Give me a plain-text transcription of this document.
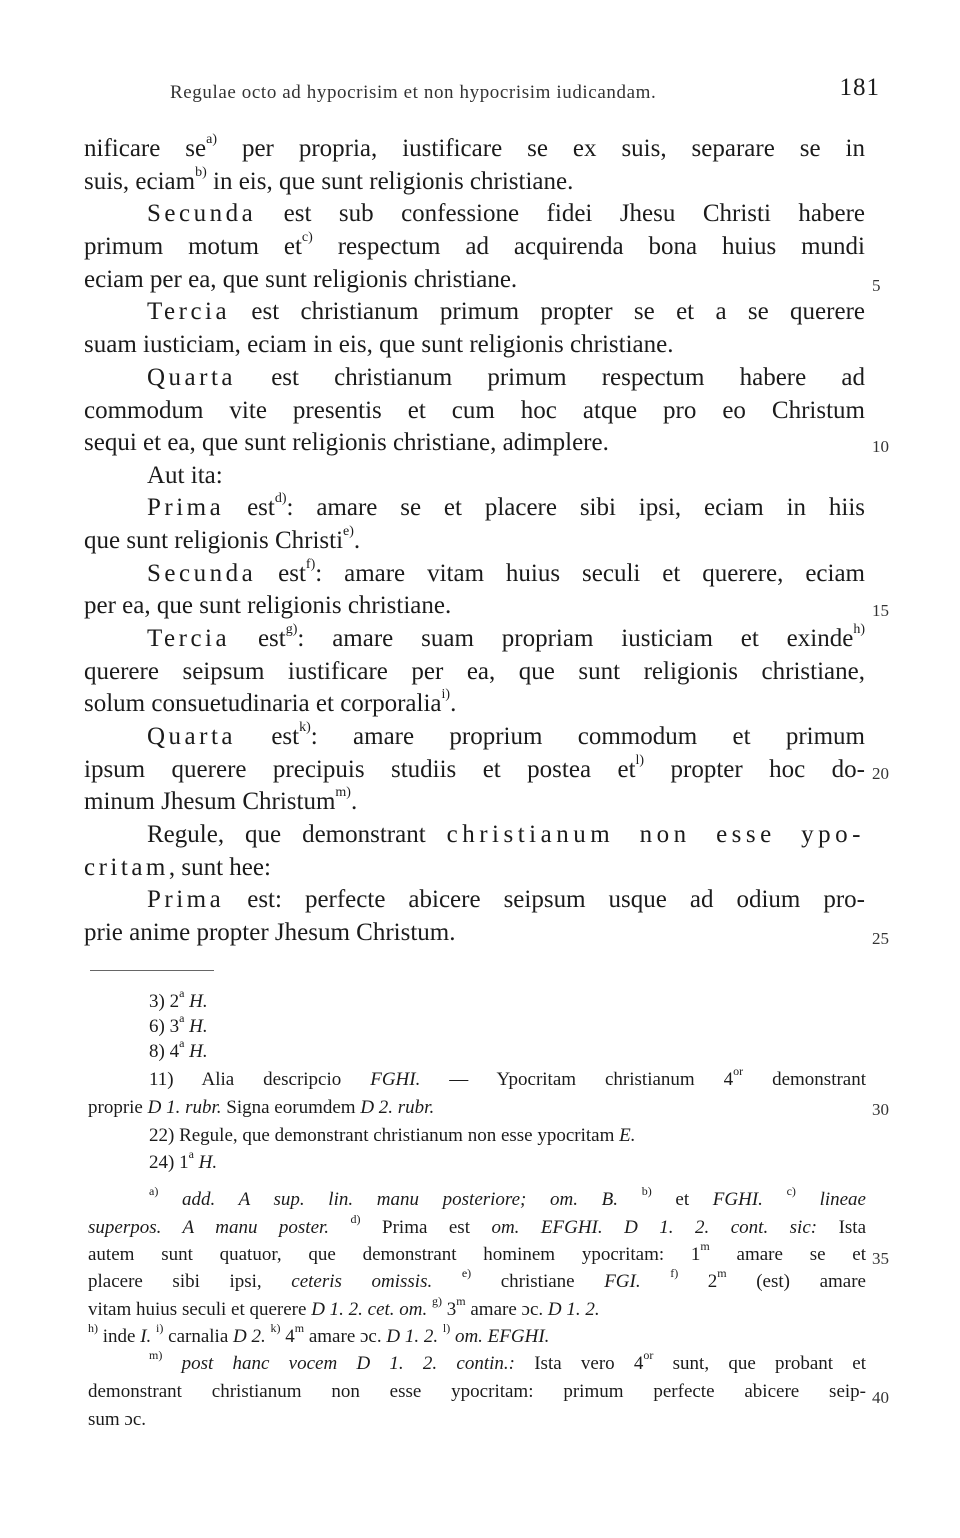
Regulae octo ad hypocrisim et non hypocrisim iudicandam.	181
nificare $se^{a)}$ per propria, iustificare se ex suis, separare se in
suis, eciam$^{b)}$ in eis, que sunt religionis christiane.
Secunda est sub confessione fidei Jhesu Christi habere
primum motum $et^{c)}$ respectum ad acquirenda bona huius mundi
eciam per ea, que sunt religionis christiane.
Tercia est christianum primum propter se et a se querere
suam iusticiam, eciam in eis, que sunt religionis christiane.
Quarta est christianum primum respectum habere ad
commodum vite presentis et cum hoc atque pro eo Christum
sequi et ea, que sunt religionis christiane, adimplere.
Aut ita:
Prima est$^{d)}$: amare se et placere sibi ipsi, eciam in hiis
que sunt religionis Christi$^{e)}$.
Secunda est$^{f)}$: amare vitam huius seculi et querere, eciam
per ea, que sunt religionis christiane.
Tercia est$^{g)}$: amare suam propriam iusticiam et exinde$^{h)}$
querere seipsum iustificare per ea, que sunt religionis christiane,
solum consuetudinaria et corporalia$^{i)}$.
Quarta est$^{k)}$: amare proprium commodum et primum
ipsum querere precipuis studiis et postea $et^{l)}$ propter hoc do-
minum Jhesum Christum$^{m)}$.
Regule, que demonstrant christianum non esse ypo-
critam, sunt hee:
Prima est: perfecte abicere seipsum usque ad odium pro-
prie anime propter Jhesum Christum.
5
10
15
20
25
30
35
40
3) 2$^a$ H.
6) 3$^a$ H.
8) 4$^a$ H.
11) Alia descripcio FGHI. — Ypocritam christianum $4^{or}$ demonstrant
proprie D 1. rubr. Signa eorumdem D 2. rubr.
22) Regule, que demonstrant christianum non esse ypocritam E.
24) 1$^a$ H.
$^{a)}$ add. A sup. lin. manu posteriore; om. B. $^{b)}$ et FGHI. $^{c)}$ lineae
superpos. A manu poster. $^{d)}$ Prima est om. EFGHI. D 1. 2. cont. sic: Ista
autem sunt quatuor, que demonstrant hominem ypocritam: 1$^m$ amare se et
placere sibi ipsi, ceteris omissis. $^{e)}$ christiane FGI. $^{f)}$ 2$^m$ (est) amare
vitam huius seculi et querere D 1. 2. cet. om. $^{g)}$ 3$^m$ amare ɔc. D 1. 2.
$^{h)}$ inde I. $^{i)}$ carnalia D 2. $^{k)}$ 4$^m$ amare ɔc. D 1. 2. $^{l)}$ om. EFGHI.
$^{m)}$ post hanc vocem D 1. 2. contin.: Ista vero $4^{or}$ sunt, que probant et
demonstrant christianum non esse ypocritam: primum perfecte abicere seip-
sum ɔc.
